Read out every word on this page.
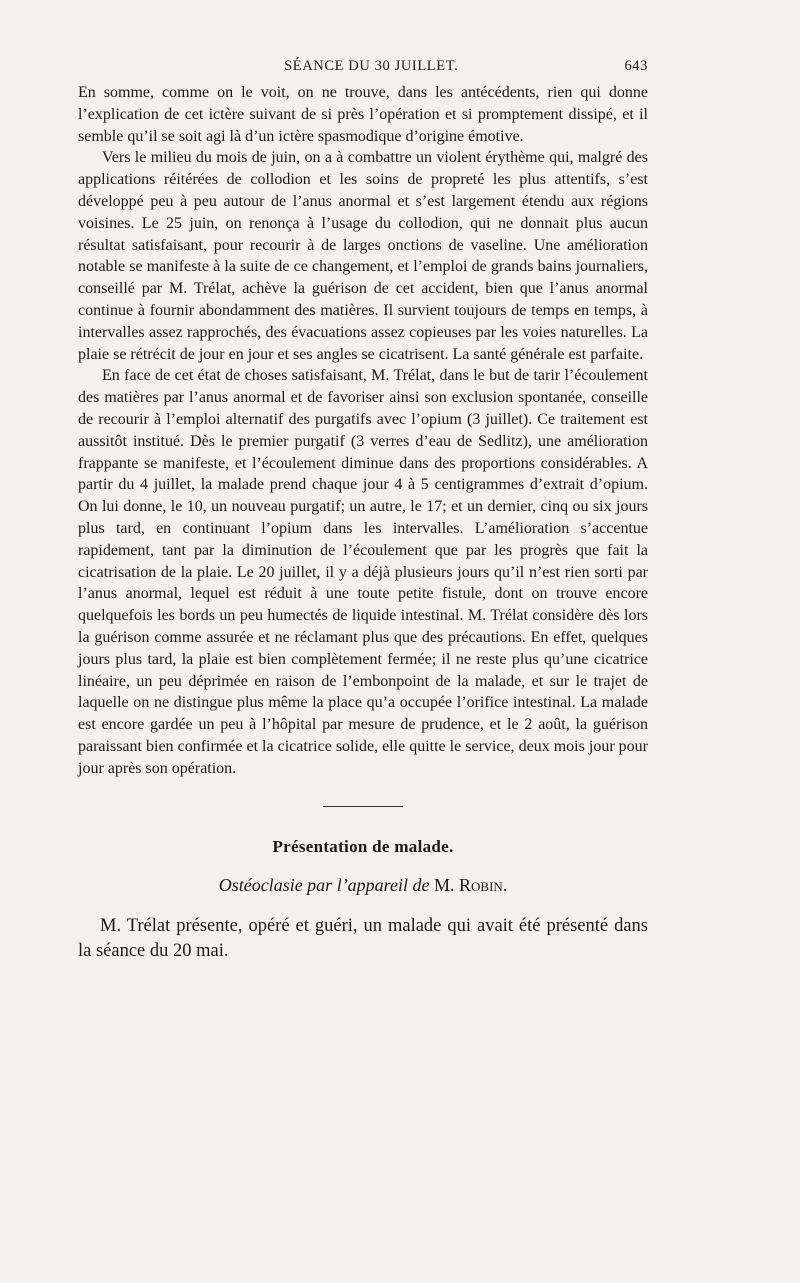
SÉANCE DU 30 JUILLET.	643

En somme, comme on le voit, on ne trouve, dans les antécédents, rien qui donne l’explication de cet ictère suivant de si près l’opération et si promptement dissipé, et il semble qu’il se soit agi là d’un ictère spasmodique d’origine émotive.

Vers le milieu du mois de juin, on a à combattre un violent érythème qui, malgré des applications réitérées de collodion et les soins de propreté les plus attentifs, s’est développé peu à peu autour de l’anus anormal et s’est largement étendu aux régions voisines. Le 25 juin, on renonça à l’usage du collodion, qui ne donnait plus aucun résultat satisfaisant, pour recourir à de larges onctions de vaseline. Une amélioration notable se manifeste à la suite de ce changement, et l’emploi de grands bains journaliers, conseillé par M. Trélat, achève la guérison de cet accident, bien que l’anus anormal continue à fournir abondamment des matières. Il survient toujours de temps en temps, à intervalles assez rapprochés, des évacuations assez copieuses par les voies naturelles. La plaie se rétrécit de jour en jour et ses angles se cicatrisent. La santé générale est parfaite.

En face de cet état de choses satisfaisant, M. Trélat, dans le but de tarir l’écoulement des matières par l’anus anormal et de favoriser ainsi son exclusion spontanée, conseille de recourir à l’emploi alternatif des purgatifs avec l’opium (3 juillet). Ce traitement est aussitôt institué. Dès le premier purgatif (3 verres d’eau de Sedlitz), une amélioration frappante se manifeste, et l’écoulement diminue dans des proportions considérables. A partir du 4 juillet, la malade prend chaque jour 4 à 5 centigrammes d’extrait d’opium. On lui donne, le 10, un nouveau purgatif; un autre, le 17; et un dernier, cinq ou six jours plus tard, en continuant l’opium dans les intervalles. L’amélioration s’accentue rapidement, tant par la diminution de l’écoulement que par les progrès que fait la cicatrisation de la plaie. Le 20 juillet, il y a déjà plusieurs jours qu’il n’est rien sorti par l’anus anormal, lequel est réduit à une toute petite fistule, dont on trouve encore quelquefois les bords un peu humectés de liquide intestinal. M. Trélat considère dès lors la guérison comme assurée et ne réclamant plus que des précautions. En effet, quelques jours plus tard, la plaie est bien complètement fermée; il ne reste plus qu’une cicatrice linéaire, un peu déprimée en raison de l’embonpoint de la malade, et sur le trajet de laquelle on ne distingue plus même la place qu’a occupée l’orifice intestinal. La malade est encore gardée un peu à l’hôpital par mesure de prudence, et le 2 août, la guérison paraissant bien confirmée et la cicatrice solide, elle quitte le service, deux mois jour pour jour après son opération.

Présentation de malade.
Ostéoclasie par l’appareil de M. Robin.

M. Trélat présente, opéré et guéri, un malade qui avait été présenté dans la séance du 20 mai.
